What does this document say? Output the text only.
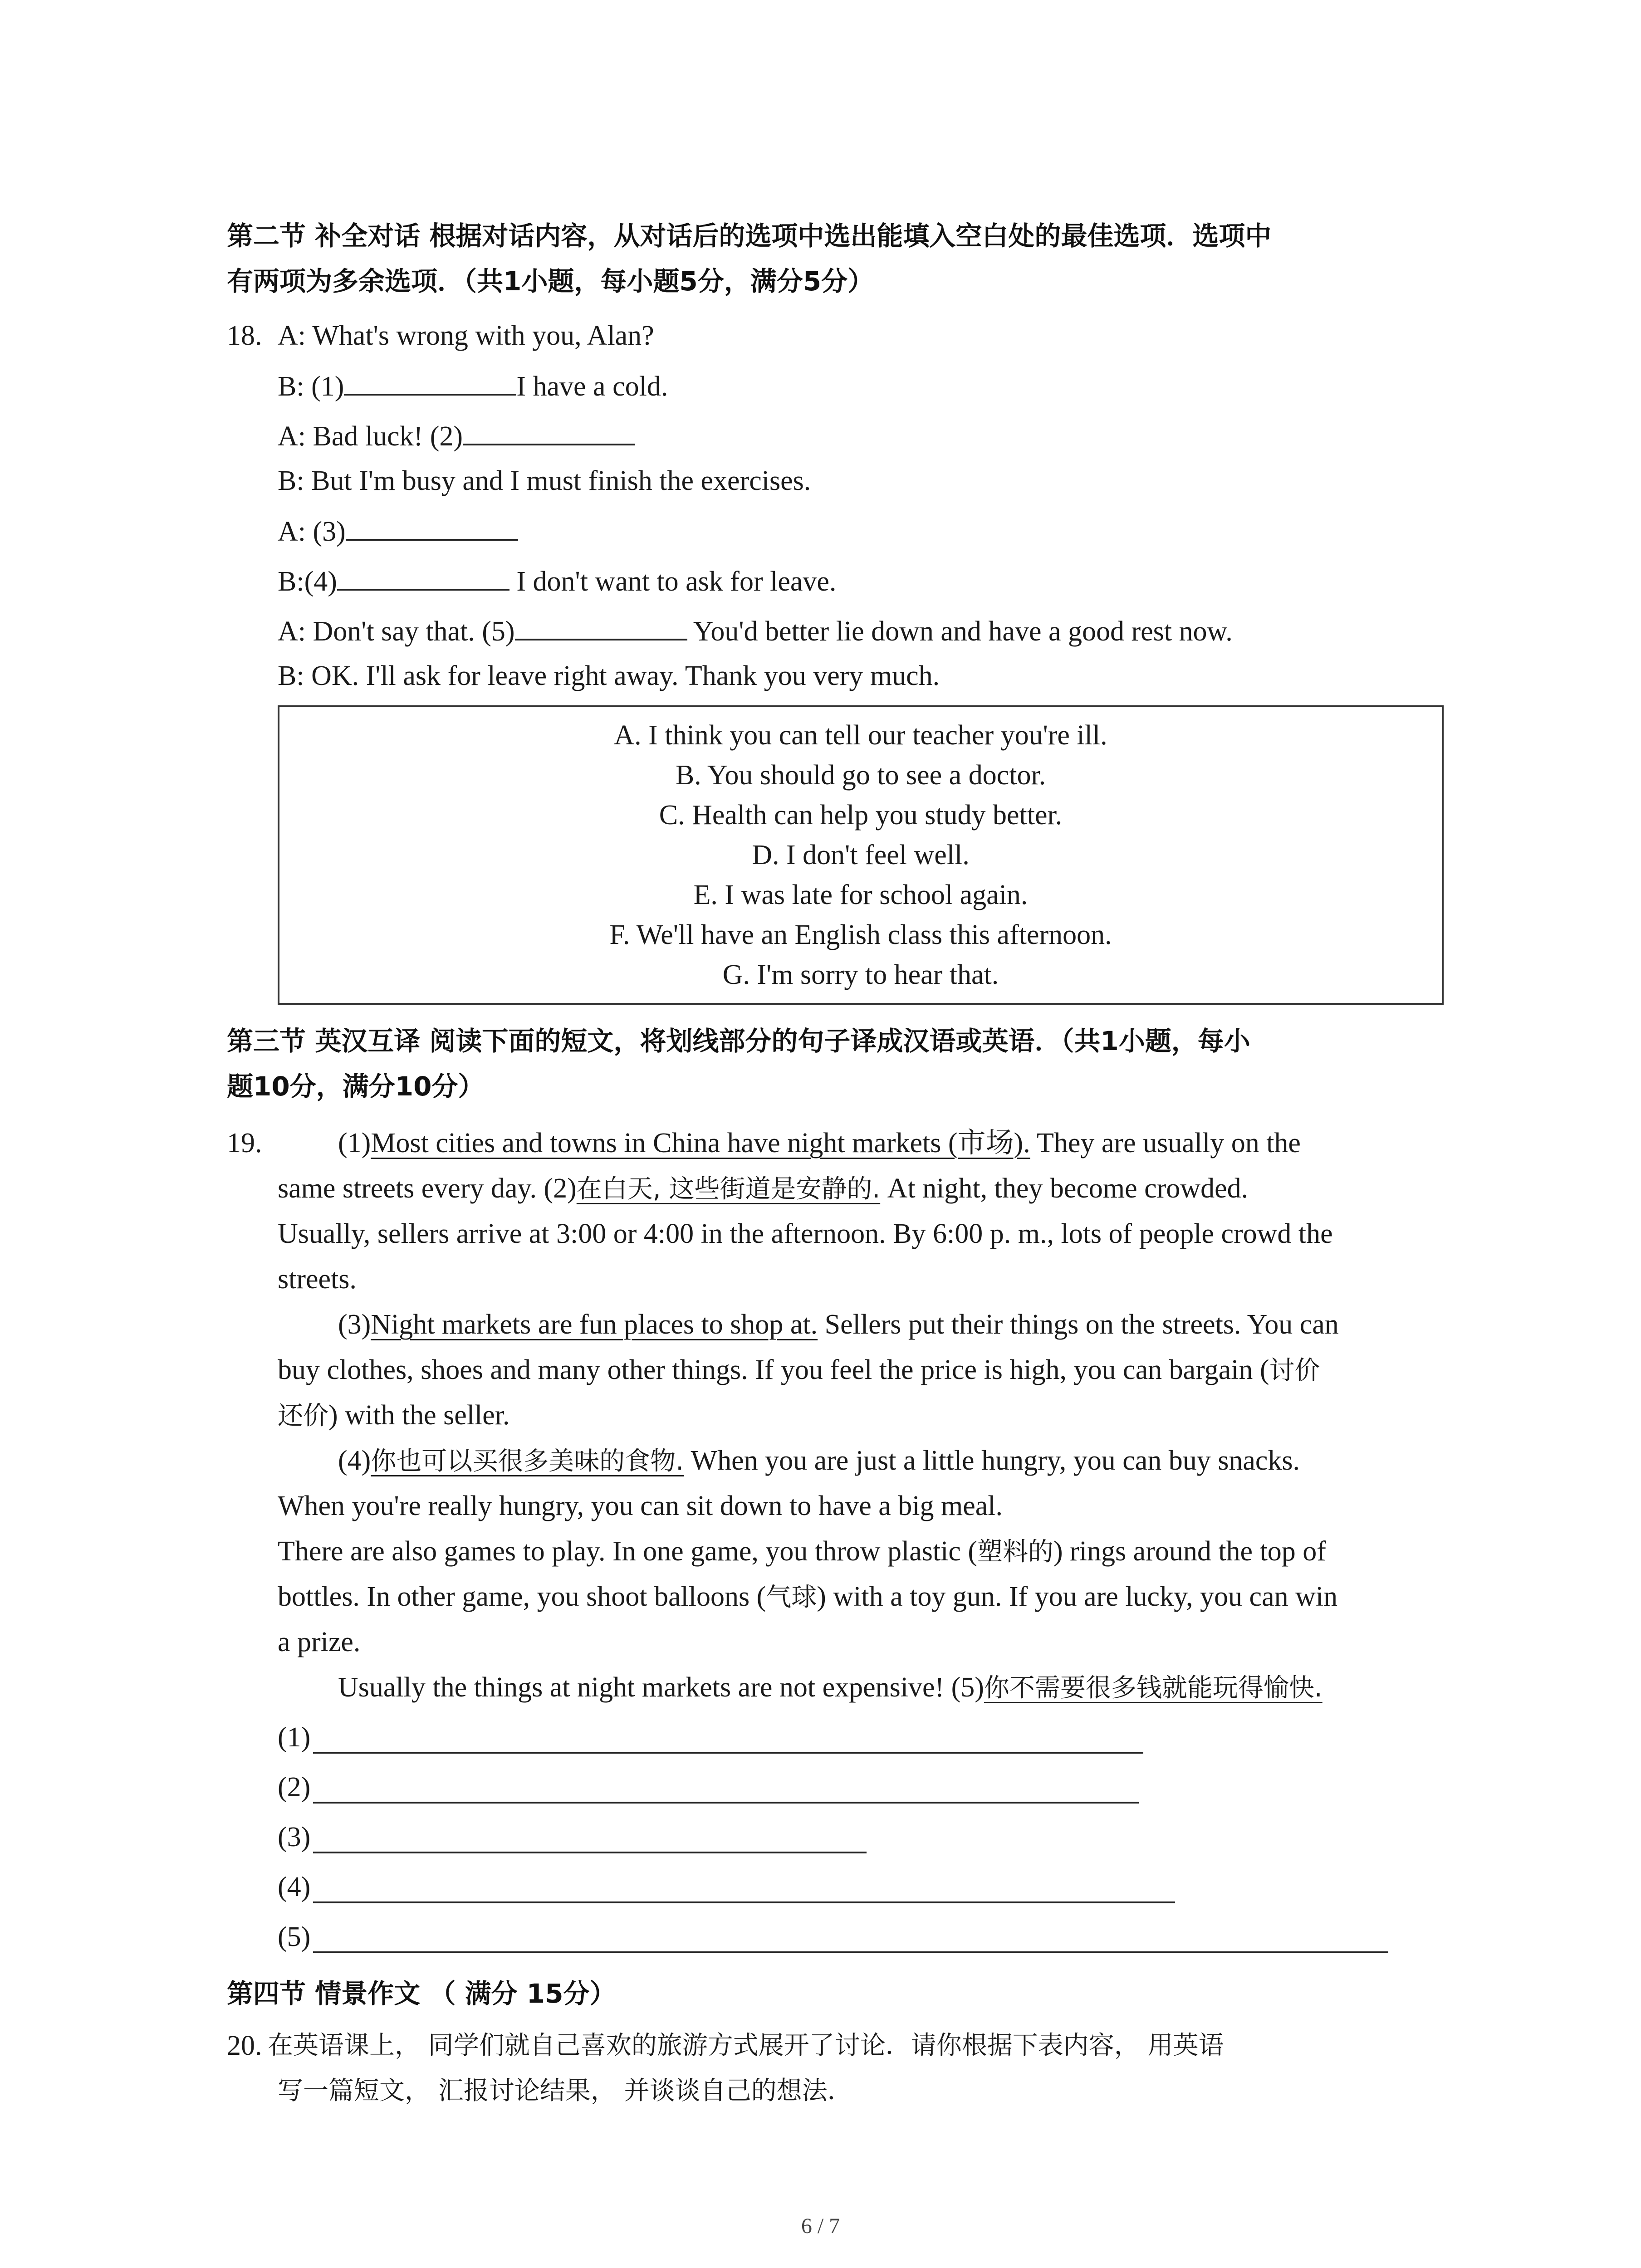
第二节 补全对话 根据对话内容，从对话后的选项中选出能填入空白处的最佳选项．选项中
有两项为多余选项．（共1小题，每小题5分，满分5分）
18. A: What's wrong with you, Alan?
B: (1)	I have a cold.
A: Bad luck! (2)
B: But I'm busy and I must finish the exercises.
A: (3)
B:(4)	I don't want to ask for leave.
A: Don't say that. (5)	You'd better lie down and have a good rest now.
B: OK. I'll ask for leave right away. Thank you very much.
A. I think you can tell our teacher you're ill.
B. You should go to see a doctor.
C. Health can help you study better.
D. I don't feel well.
E. I was late for school again.
F. We'll have an English class this afternoon.
G. I'm sorry to hear that.
第三节 英汉互译 阅读下面的短文，将划线部分的句子译成汉语或英语．（共1小题，每小
题10分，满分10分）
19.	(1)Most cities and towns in China have night markets (市场). They are usually on the
same streets every day. (2)在白天, 这些街道是安静的. At night, they become crowded.
Usually, sellers arrive at 3:00 or 4:00 in the afternoon. By 6:00 p. m., lots of people crowd the
streets.
(3)Night markets are fun places to shop at. Sellers put their things on the streets. You can
buy clothes, shoes and many other things. If you feel the price is high, you can bargain (讨价
还价) with the seller.
(4)你也可以买很多美味的食物. When you are just a little hungry, you can buy snacks.
When you're really hungry, you can sit down to have a big meal.
There are also games to play. In one game, you throw plastic (塑料的) rings around the top of
bottles. In other game, you shoot balloons (气球) with a toy gun. If you are lucky, you can win
a prize.
Usually the things at night markets are not expensive! (5)你不需要很多钱就能玩得愉快.
(1)
(2)
(3)
(4)
(5)
第四节 情景作文 （ 满分 15分）
20. 在英语课上， 同学们就自己喜欢的旅游方式展开了讨论．请你根据下表内容， 用英语
写一篇短文， 汇报讨论结果， 并谈谈自己的想法．
6 / 7
